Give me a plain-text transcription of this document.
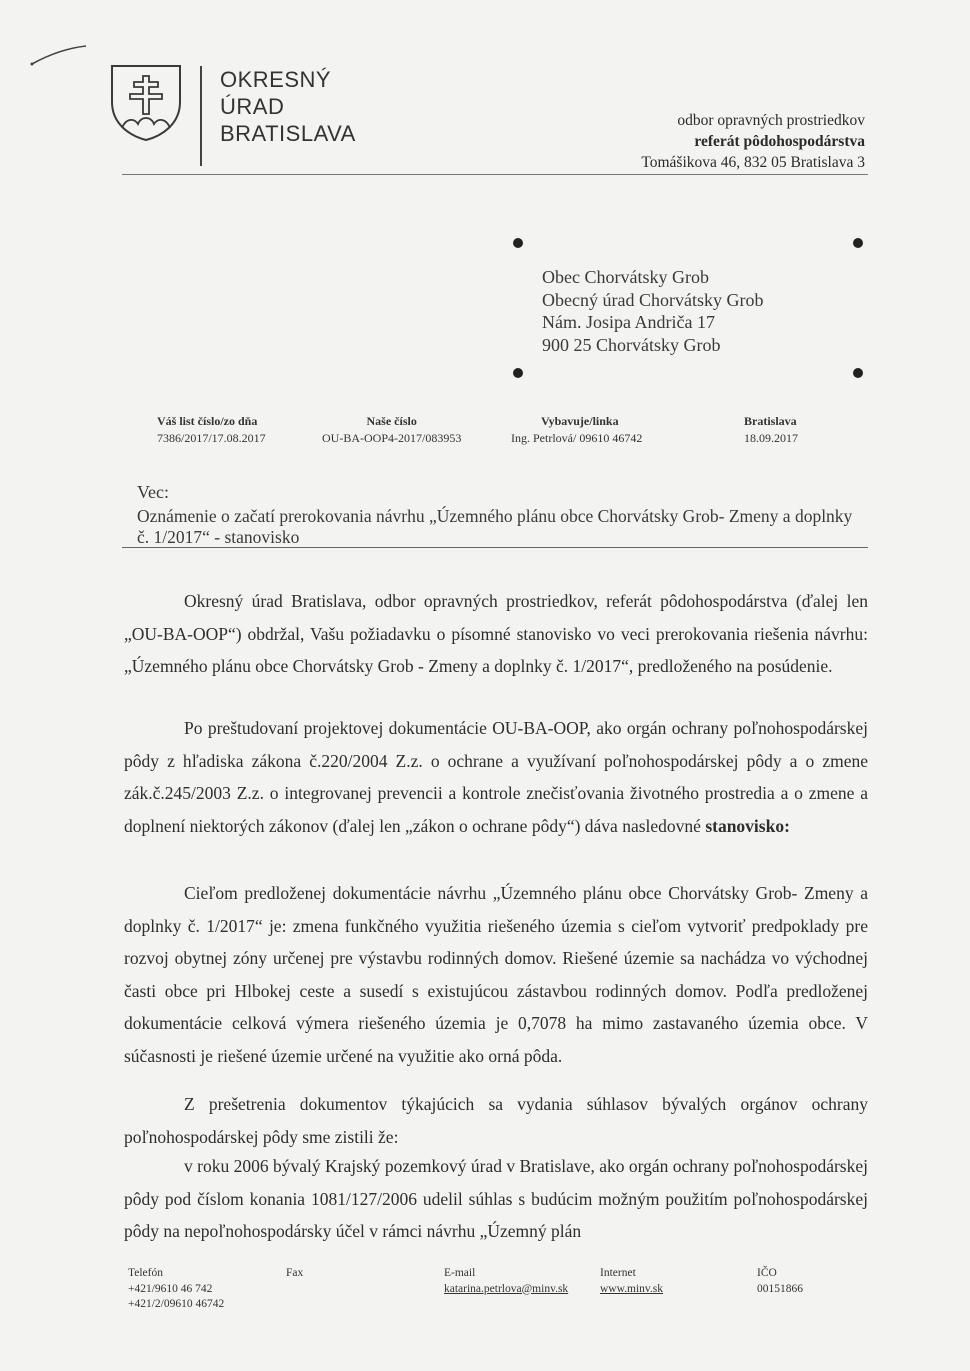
OKRESNÝ
ÚRAD
BRATISLAVA
odbor opravných prostriedkov
referát pôdohospodárstva
Tomášikova 46, 832 05 Bratislava 3
Obec Chorvátsky Grob
Obecný úrad Chorvátsky Grob
Nám. Josipa Andriča 17
900 25 Chorvátsky Grob
Váš list číslo/zo dňa
7386/2017/17.08.2017
Naše číslo
OU-BA-OOP4-2017/083953
Vybavuje/linka
Ing. Petrlová/ 09610 46742
Bratislava
18.09.2017
Vec:
Oznámenie o začatí prerokovania návrhu „Územného plánu obce Chorvátsky Grob- Zmeny a doplnky č. 1/2017“ - stanovisko

Okresný úrad Bratislava, odbor opravných prostriedkov, referát pôdohospodárstva (ďalej len „OU-BA-OOP“) obdržal, Vašu požiadavku o písomné stanovisko vo veci prerokovania riešenia návrhu: „Územného plánu obce Chorvátsky Grob - Zmeny a doplnky č. 1/2017“, predloženého na posúdenie.

Po preštudovaní projektovej dokumentácie OU-BA-OOP, ako orgán ochrany poľnohospodárskej pôdy z hľadiska zákona č.220/2004 Z.z. o ochrane a využívaní poľnohospodárskej pôdy a o zmene zák.č.245/2003 Z.z. o integrovanej prevencii a kontrole znečisťovania životného prostredia a o zmene a doplnení niektorých zákonov (ďalej len „zákon o ochrane pôdy“) dáva nasledovné stanovisko:

Cieľom predloženej dokumentácie návrhu „Územného plánu obce Chorvátsky Grob- Zmeny a doplnky č. 1/2017“ je: zmena funkčného využitia riešeného územia s cieľom vytvoriť predpoklady pre rozvoj obytnej zóny určenej pre výstavbu rodinných domov. Riešené územie sa nachádza vo východnej časti obce pri Hlbokej ceste a susedí s existujúcou zástavbou rodinných domov. Podľa predloženej dokumentácie celková výmera riešeného územia je 0,7078 ha mimo zastavaného územia obce. V súčasnosti je riešené územie určené na využitie ako orná pôda.

Z prešetrenia dokumentov týkajúcich sa vydania súhlasov bývalých orgánov ochrany poľnohospodárskej pôdy sme zistili že:

v roku 2006 bývalý Krajský pozemkový úrad v Bratislave, ako orgán ochrany poľnohospodárskej pôdy pod číslom konania 1081/127/2006 udelil súhlas s budúcim možným použitím poľnohospodárskej pôdy na nepoľnohospodársky účel v rámci návrhu „Územný plán

Telefón
+421/9610 46 742
+421/2/09610 46742
Fax	E-mail
katarina.petrlova@minv.sk
Internet
www.minv.sk
IČO
00151866
